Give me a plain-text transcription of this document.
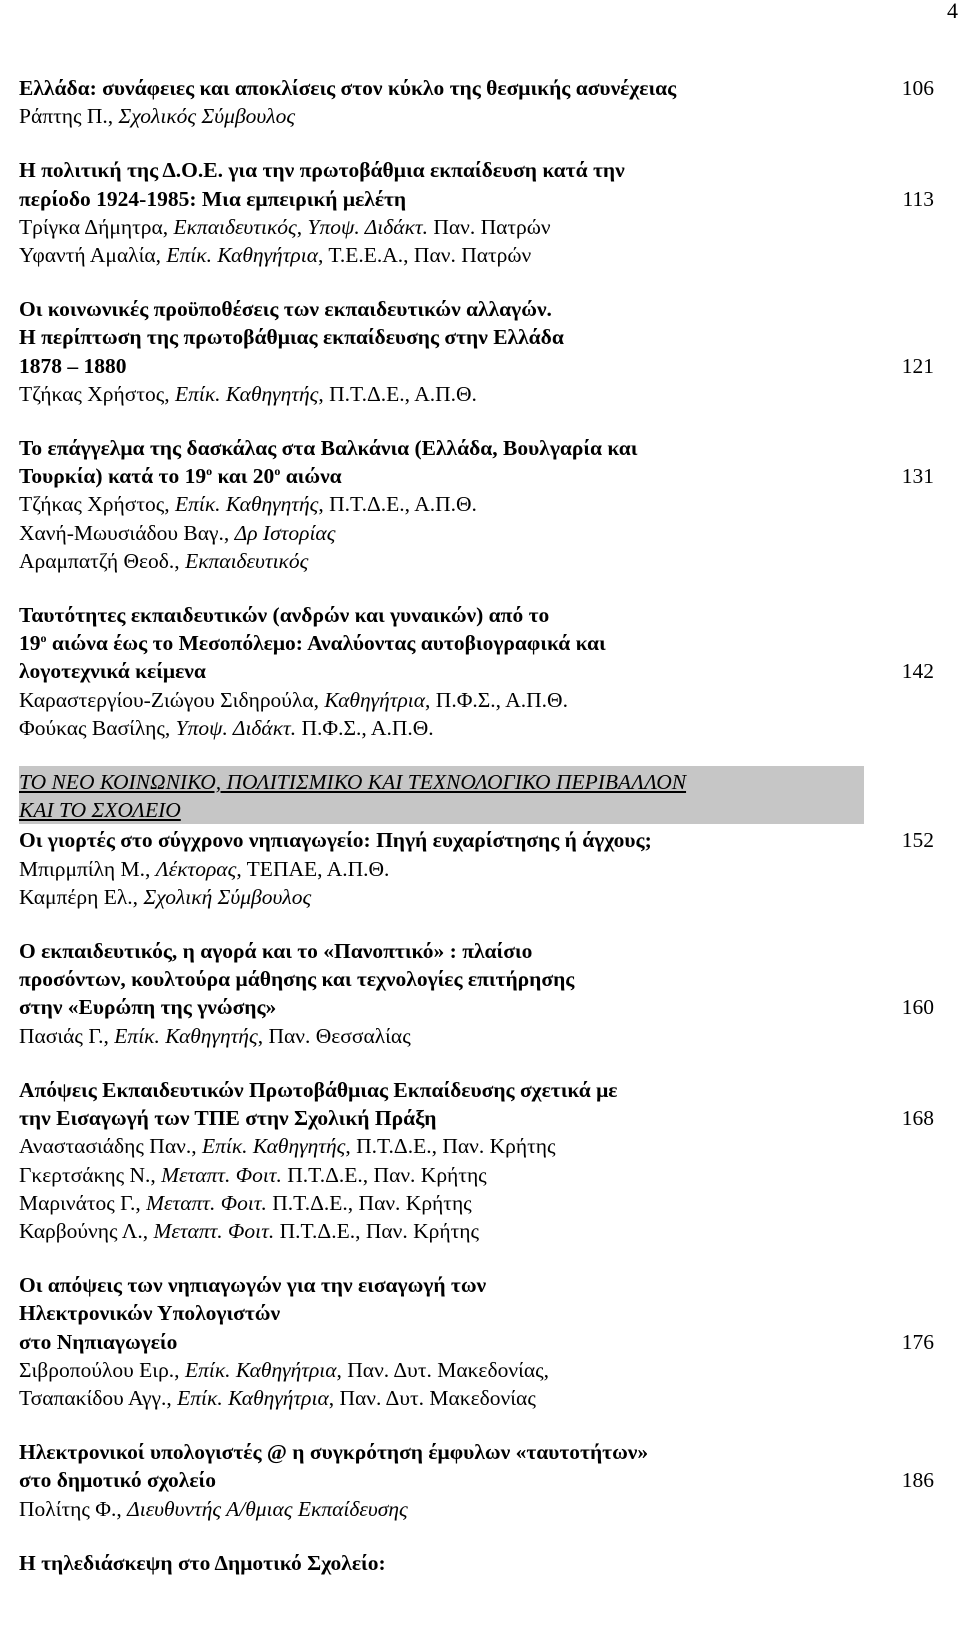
4
Ελλάδα: συνάφειες και αποκλίσεις στον κύκλο της θεσμικής ασυνέχειας	106
Ράπτης Π., Σχολικός Σύμβουλος
Η πολιτική της Δ.Ο.Ε. για την πρωτοβάθμια εκπαίδευση κατά την
περίοδο 1924-1985: Μια εμπειρική μελέτη	113
Τρίγκα Δήμητρα, Εκπαιδευτικός, Υποψ. Διδάκτ. Παν. Πατρών
Υφαντή Αμαλία, Επίκ. Καθηγήτρια, Τ.Ε.Ε.Α., Παν. Πατρών
Οι κοινωνικές προϋποθέσεις των εκπαιδευτικών αλλαγών.
Η περίπτωση της πρωτοβάθμιας εκπαίδευσης στην Ελλάδα
1878 – 1880	121
Τζήκας Χρήστος, Επίκ. Καθηγητής, Π.Τ.Δ.Ε., Α.Π.Θ.
Το επάγγελμα της δασκάλας στα Βαλκάνια (Ελλάδα, Βουλγαρία και
Τουρκία) κατά το $19^o$ και $20^o$ αιώνα	131
Τζήκας Χρήστος, Επίκ. Καθηγητής, Π.Τ.Δ.Ε., Α.Π.Θ.
Χανή-Μωυσιάδου Βαγ., Δρ Ιστορίας
Αραμπατζή Θεοδ., Εκπαιδευτικός
Ταυτότητες εκπαιδευτικών (ανδρών και γυναικών) από το
$19^o$ αιώνα έως το Μεσοπόλεμο: Αναλύοντας αυτοβιογραφικά και
λογοτεχνικά κείμενα	142
Καραστεργίου-Ζιώγου Σιδηρούλα, Καθηγήτρια, Π.Φ.Σ., Α.Π.Θ.
Φούκας Βασίλης, Υποψ. Διδάκτ. Π.Φ.Σ., Α.Π.Θ.
ΤΟ ΝΕΟ ΚΟΙΝΩΝΙΚΟ, ΠΟΛΙΤΙΣΜΙΚΟ ΚΑΙ ΤΕΧΝΟΛΟΓΙΚΟ ΠΕΡΙΒΑΛΛΟΝ
ΚΑΙ ΤΟ ΣΧΟΛΕΙΟ
Οι γιορτές στο σύγχρονο νηπιαγωγείο: Πηγή ευχαρίστησης ή άγχους;	152
Μπιρμπίλη Μ., Λέκτορας, ΤΕΠΑΕ, Α.Π.Θ.
Καμπέρη Ελ., Σχολική Σύμβουλος
Ο εκπαιδευτικός, η αγορά και το «Πανοπτικό» : πλαίσιο
προσόντων, κουλτούρα μάθησης και τεχνολογίες επιτήρησης
στην «Ευρώπη της γνώσης»	160
Πασιάς Γ., Επίκ. Καθηγητής, Παν. Θεσσαλίας
Απόψεις Εκπαιδευτικών Πρωτοβάθμιας Εκπαίδευσης σχετικά με
την Εισαγωγή των ΤΠΕ στην Σχολική Πράξη	168
Αναστασιάδης Παν., Επίκ. Καθηγητής, Π.Τ.Δ.Ε., Παν. Κρήτης
Γκερτσάκης Ν., Μεταπτ. Φοιτ. Π.Τ.Δ.Ε., Παν. Κρήτης
Μαρινάτος Γ., Μεταπτ. Φοιτ. Π.Τ.Δ.Ε., Παν. Κρήτης
Καρβούνης Λ., Μεταπτ. Φοιτ. Π.Τ.Δ.Ε., Παν. Κρήτης
Οι απόψεις των νηπιαγωγών για την εισαγωγή των
Ηλεκτρονικών Υπολογιστών
στο Νηπιαγωγείο	176
Σιβροπούλου Ειρ., Επίκ. Καθηγήτρια, Παν. Δυτ. Μακεδονίας,
Τσαπακίδου Αγγ., Επίκ. Καθηγήτρια, Παν. Δυτ. Μακεδονίας
Ηλεκτρονικοί υπολογιστές @ η συγκρότηση έμφυλων «ταυτοτήτων»
στο δημοτικό σχολείο	186
Πολίτης Φ., Διευθυντής Α/θμιας Εκπαίδευσης
Η τηλεδιάσκεψη στο Δημοτικό Σχολείο:
